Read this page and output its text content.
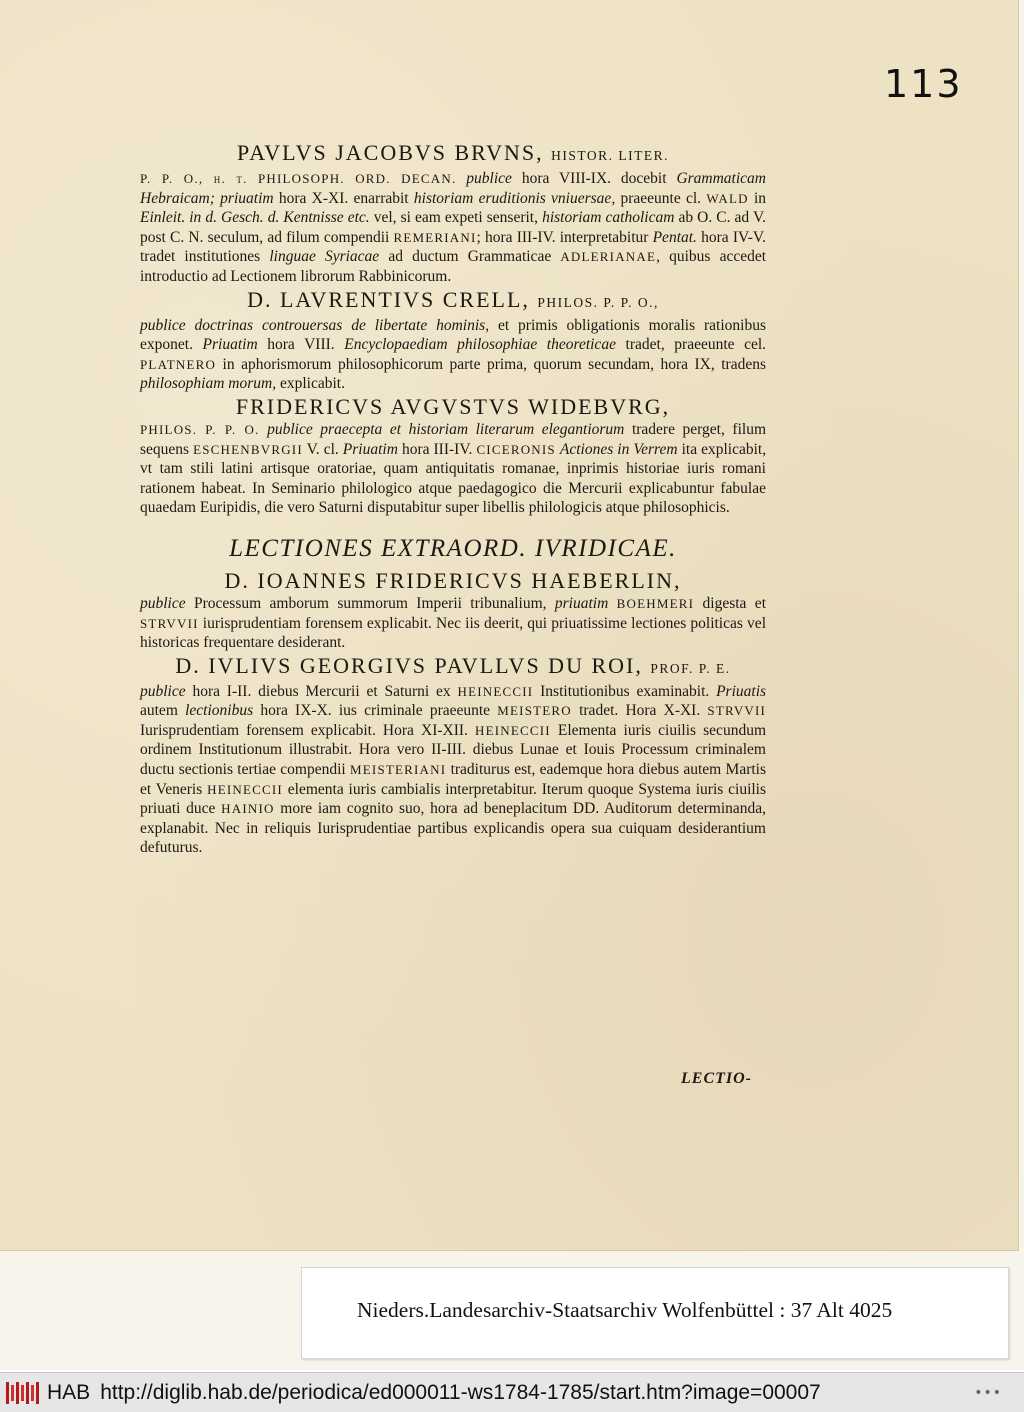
113

PAVLVS JACOBVS BRVNS, HISTOR. LITER.
P. P. O., h. t. PHILOSOPH. ORD. DECAN. publice hora VIII-IX. docebit Grammaticam Hebraicam; priuatim hora X-XI. enarrabit historiam eruditionis vniuersae, praeeunte cl. WALD in Einleit. in d. Gesch. d. Kentnisse etc. vel, si eam expeti senserit, historiam catholicam ab O. C. ad V. post C. N. seculum, ad filum compendii REMERIANI; hora III-IV. interpretabitur Pentat. hora IV-V. tradet institutiones linguae Syriacae ad ductum Grammaticae ADLERIANAE, quibus accedet introductio ad Lectionem librorum Rabbinicorum.

D. LAVRENTIVS CRELL, PHILOS. P. P. O.,
publice doctrinas controuersas de libertate hominis, et primis obligationis moralis rationibus exponet. Priuatim hora VIII. Encyclopaediam philosophiae theoreticae tradet, praeeunte cel. PLATNERO in aphorismorum philosophicorum parte prima, quorum secundam, hora IX, tradens philosophiam morum, explicabit.

FRIDERICVS AVGVSTVS WIDEBVRG,
PHILOS. P. P. O. publice praecepta et historiam literarum elegantiorum tradere perget, filum sequens ESCHENBVRGII V. cl. Priuatim hora III-IV. CICERONIS Actiones in Verrem ita explicabit, vt tam stili latini artisque oratoriae, quam antiquitatis romanae, inprimis historiae iuris romani rationem habeat. In Seminario philologico atque paedagogico die Mercurii explicabuntur fabulae quaedam Euripidis, die vero Saturni disputabitur super libellis philologicis atque philosophicis.

LECTIONES EXTRAORD. IVRIDICAE.

D. IOANNES FRIDERICVS HAEBERLIN,
publice Processum amborum summorum Imperii tribunalium, priuatim BOEHMERI digesta et STRVVII iurisprudentiam forensem explicabit. Nec iis deerit, qui priuatissime lectiones politicas vel historicas frequentare desiderant.

D. IVLIVS GEORGIVS PAVLLVS DU ROI, PROF. P. E.
publice hora I-II. diebus Mercurii et Saturni ex HEINECCII Institutionibus examinabit. Priuatis autem lectionibus hora IX-X. ius criminale praeeunte MEISTERO tradet. Hora X-XI. STRVVII Iurisprudentiam forensem explicabit. Hora XI-XII. HEINECCII Elementa iuris ciuilis secundum ordinem Institutionum illustrabit. Hora vero II-III. diebus Lunae et Iouis Processum criminalem ductu sectionis tertiae compendii MEISTERIANI traditurus est, eademque hora diebus autem Martis et Veneris HEINECCII elementa iuris cambialis interpretabitur. Iterum quoque Systema iuris ciuilis priuati duce HAINIO more iam cognito suo, hora ad beneplacitum DD. Auditorum determinanda, explanabit. Nec in reliquis Iurisprudentiae partibus explicandis opera sua cuiquam desiderantium defuturus.

LECTIO-
Nieders.Landesarchiv-Staatsarchiv Wolfenbüttel : 37 Alt 4025
HAB http://diglib.hab.de/periodica/ed000011-ws1784-1785/start.htm?image=00007	•••
